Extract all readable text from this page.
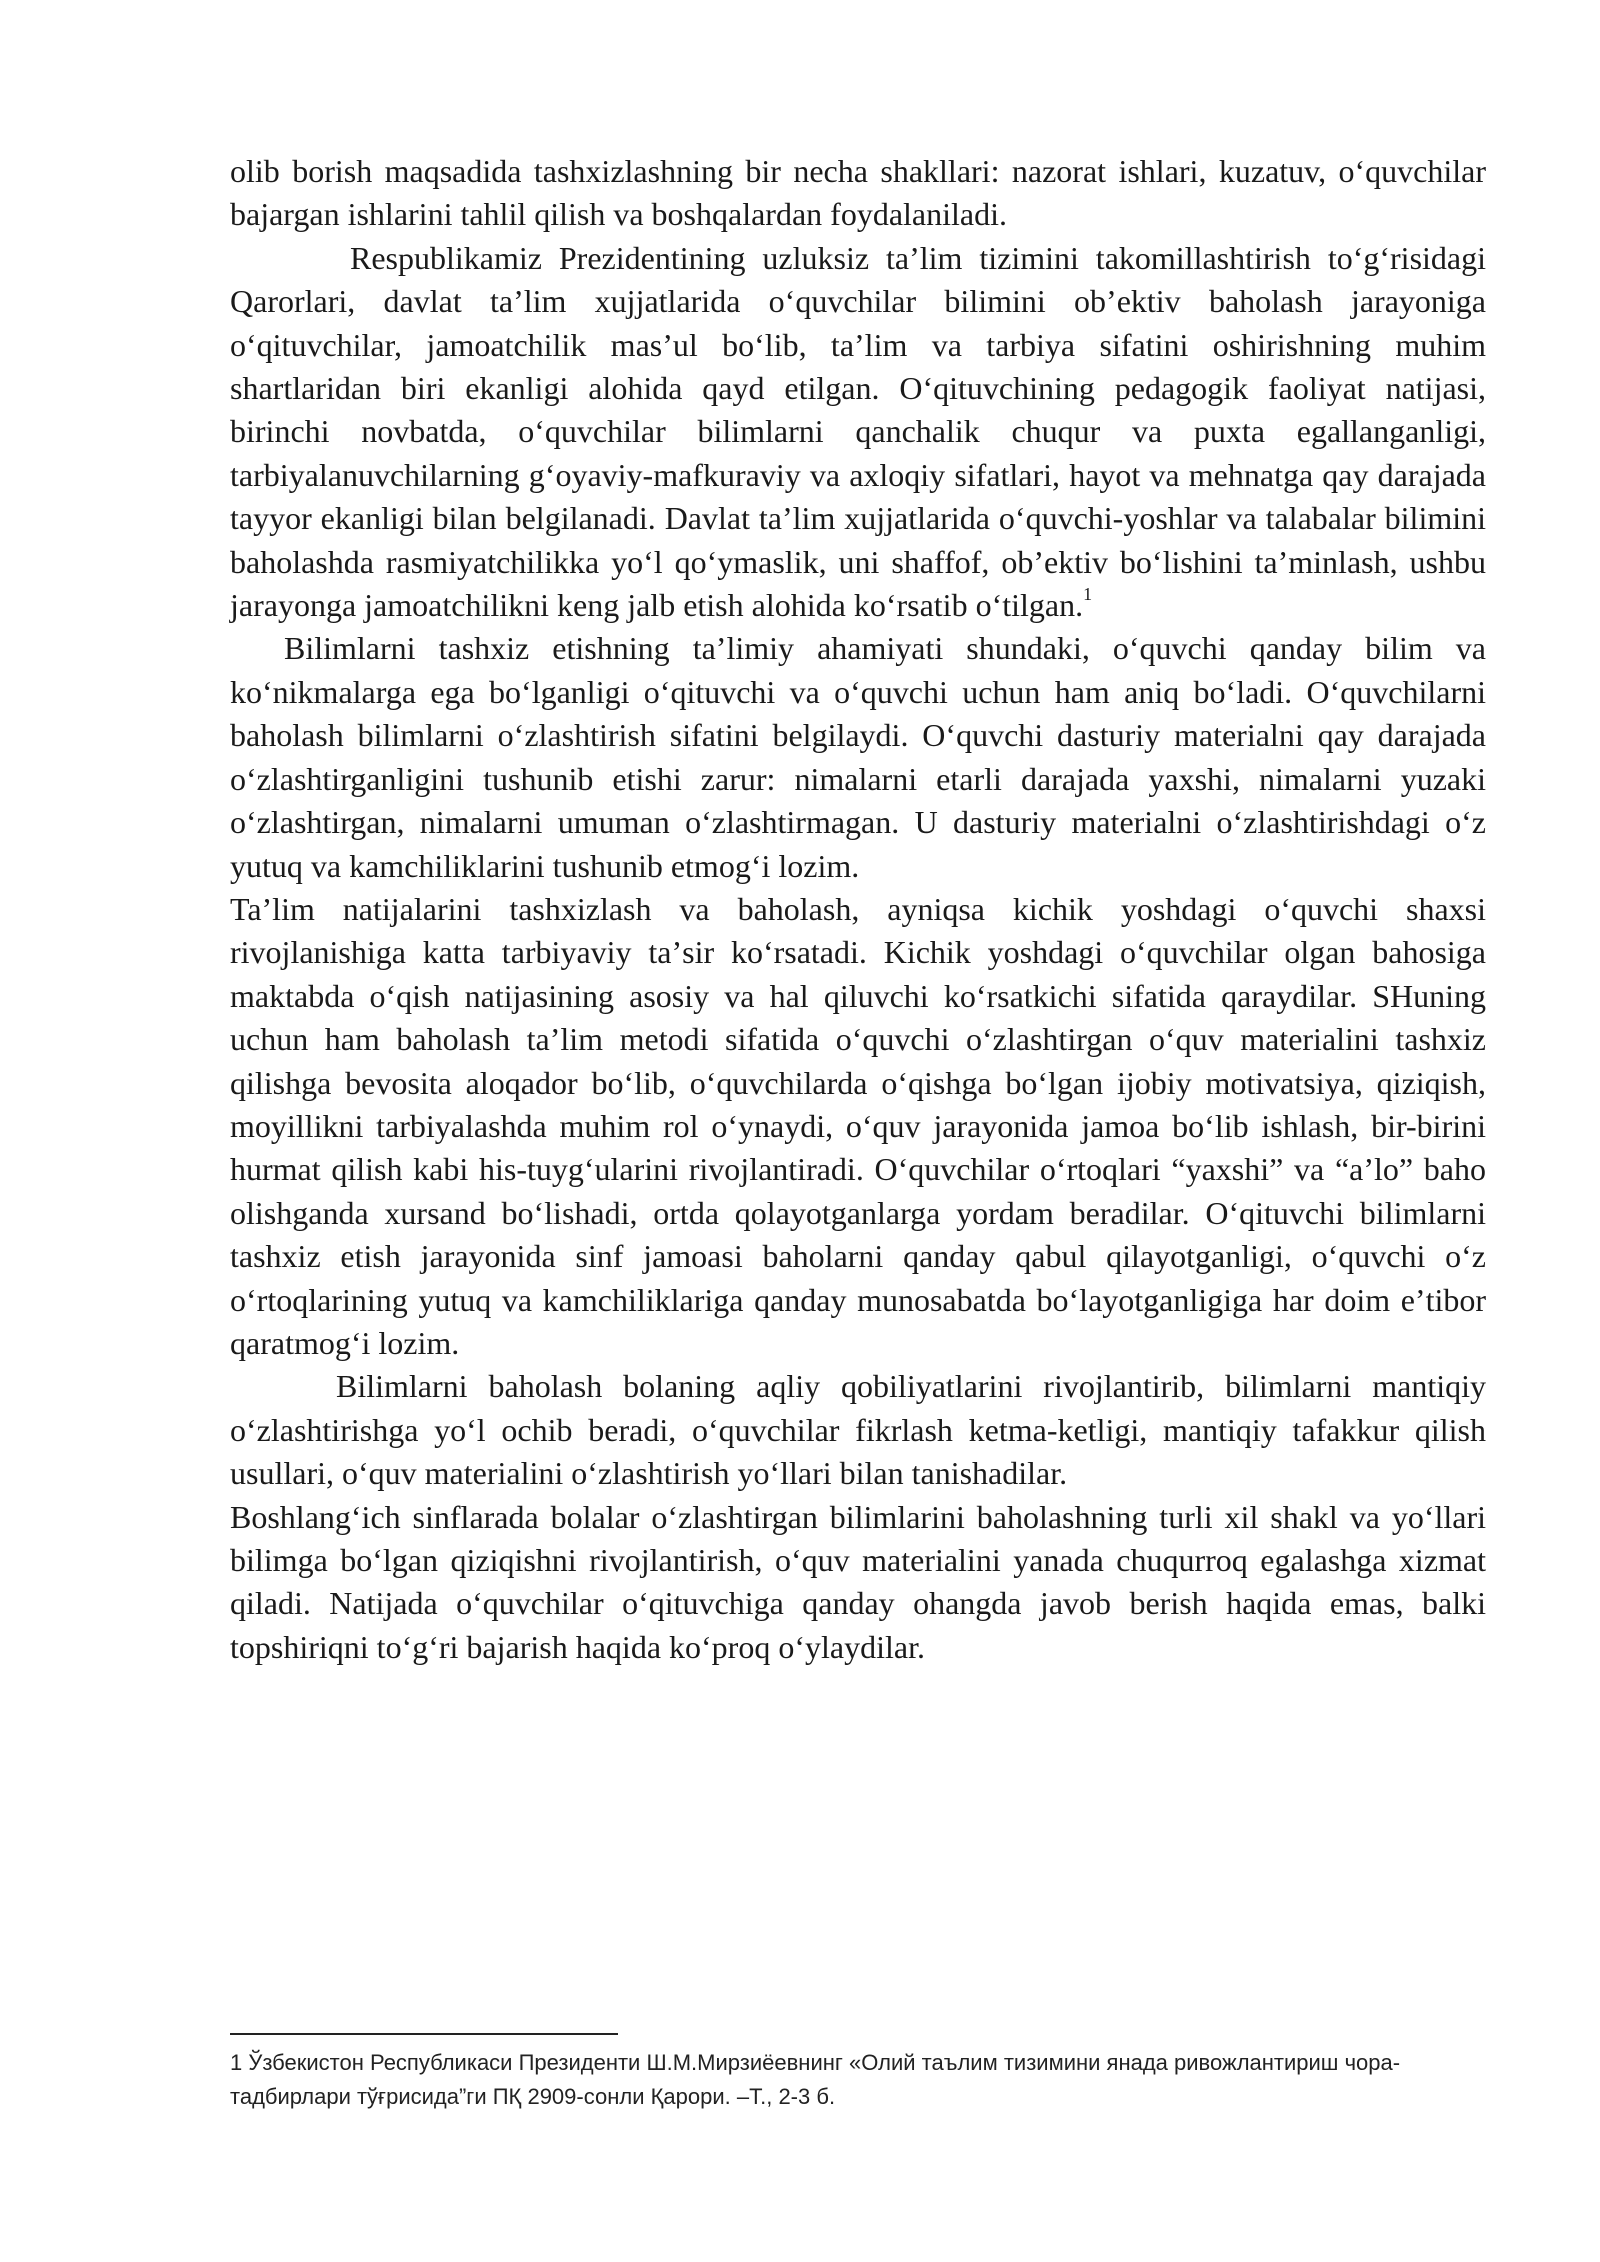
olib borish maqsadida tashxizlashning bir necha shakllari: nazorat ishlari, kuzatuv, oʻquvchilar bajargan ishlarini tahlil qilish va boshqalardan foydalaniladi.

Respublikamiz Prezidentining uzluksiz taʼlim tizimini takomillashtirish toʻgʻrisidagi Qarorlari, davlat taʼlim xujjatlarida oʻquvchilar bilimini obʼektiv baholash jarayoniga oʻqituvchilar, jamoatchilik masʼul boʻlib, taʼlim va tarbiya sifatini oshirishning muhim shartlaridan biri ekanligi alohida qayd etilgan. Oʻqituvchining pedagogik faoliyat natijasi, birinchi novbatda, oʻquvchilar bilimlarni qanchalik chuqur va puxta egallanganligi, tarbiyalanuvchilarning gʻoyaviy-mafkuraviy va axloqiy sifatlari, hayot va mehnatga qay darajada tayyor ekanligi bilan belgilanadi. Davlat taʼlim xujjatlarida oʻquvchi-yoshlar va talabalar bilimini baholashda rasmiyatchilikka yoʻl qoʻymaslik, uni shaffof, obʼektiv boʻlishini taʼminlash, ushbu jarayonga jamoatchilikni keng jalb etish alohida koʻrsatib oʻtilgan.$^1$

Bilimlarni tashxiz etishning taʼlimiy ahamiyati shundaki, oʻquvchi qanday bilim va koʻnikmalarga ega boʻlganligi oʻqituvchi va oʻquvchi uchun ham aniq boʻladi. Oʻquvchilarni baholash bilimlarni oʻzlashtirish sifatini belgilaydi. Oʻquvchi dasturiy materialni qay darajada oʻzlashtirganligini tushunib etishi zarur: nimalarni etarli darajada yaxshi, nimalarni yuzaki oʻzlashtirgan, nimalarni umuman oʻzlashtirmagan. U dasturiy materialni oʻzlashtirishdagi oʻz yutuq va kamchiliklarini tushunib etmogʻi lozim.

Taʼlim natijalarini tashxizlash va baholash, ayniqsa kichik yoshdagi oʻquvchi shaxsi rivojlanishiga katta tarbiyaviy taʼsir koʻrsatadi. Kichik yoshdagi oʻquvchilar olgan bahosiga maktabda oʻqish natijasining asosiy va hal qiluvchi koʻrsatkichi sifatida qaraydilar. SHuning uchun ham baholash taʼlim metodi sifatida oʻquvchi oʻzlashtirgan oʻquv materialini tashxiz qilishga bevosita aloqador boʻlib, oʻquvchilarda oʻqishga boʻlgan ijobiy motivatsiya, qiziqish, moyillikni tarbiyalashda muhim rol oʻynaydi, oʻquv jarayonida jamoa boʻlib ishlash, bir-birini hurmat qilish kabi his-tuygʻularini rivojlantiradi. Oʻquvchilar oʻrtoqlari “yaxshi” va “aʼlo” baho olishganda xursand boʻlishadi, ortda qolayotganlarga yordam beradilar. Oʻqituvchi bilimlarni tashxiz etish jarayonida sinf jamoasi baholarni qanday qabul qilayotganligi, oʻquvchi oʻz oʻrtoqlarining yutuq va kamchiliklariga qanday munosabatda boʻlayotganligiga har doim eʼtibor qaratmogʻi lozim.

Bilimlarni baholash bolaning aqliy qobiliyatlarini rivojlantirib, bilimlarni mantiqiy oʻzlashtirishga yoʻl ochib beradi, oʻquvchilar fikrlash ketma-ketligi, mantiqiy tafakkur qilish usullari, oʻquv materialini oʻzlashtirish yoʻllari bilan tanishadilar.

Boshlangʻich sinflarada bolalar oʻzlashtirgan bilimlarini baholashning turli xil shakl va yoʻllari bilimga boʻlgan qiziqishni rivojlantirish, oʻquv materialini yanada chuqurroq egalashga xizmat qiladi. Natijada oʻquvchilar oʻqituvchiga qanday ohangda javob berish haqida emas, balki topshiriqni toʻgʻri bajarish haqida koʻproq oʻylaydilar.

1 Ўзбекистон Республикаси Президенти Ш.М.Мирзиёевнинг «Олий таълим тизимини янада ривожлантириш чора-тадбирлари тўғрисида”ги ПҚ 2909-сонли Қарори. –Т., 2-3 б.
